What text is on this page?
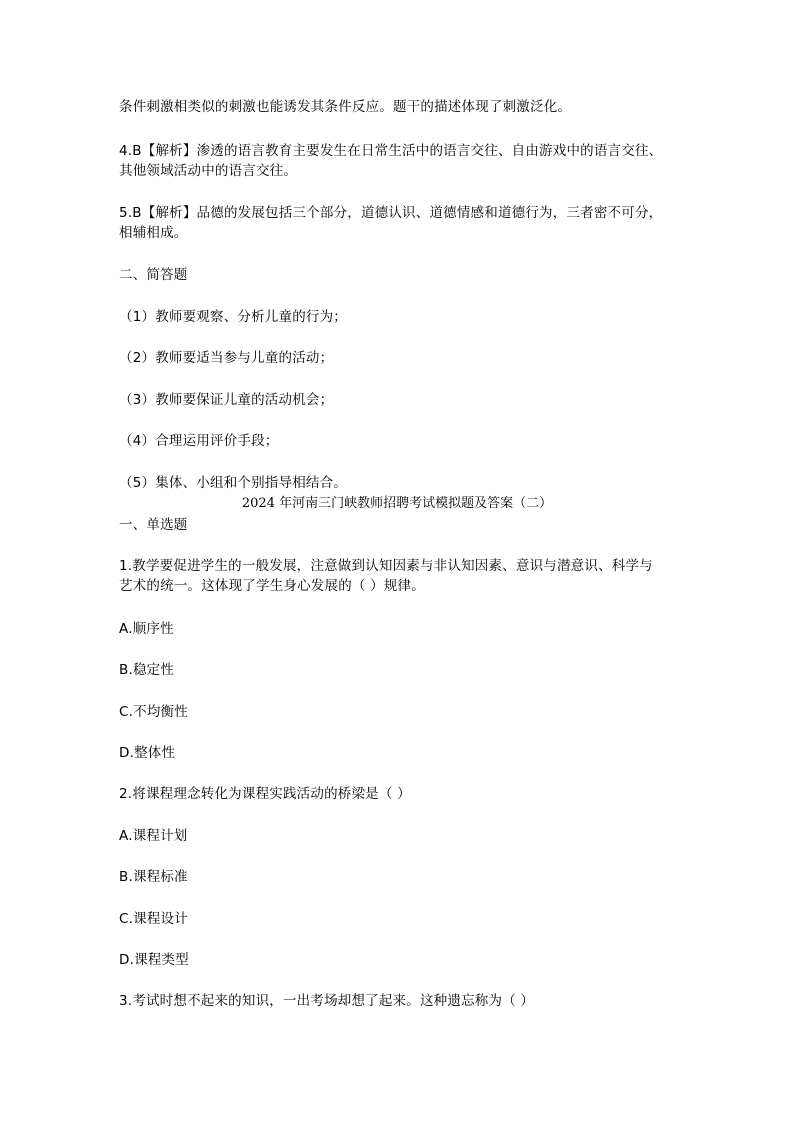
条件刺激相类似的刺激也能诱发其条件反应。题干的描述体现了刺激泛化。
4.B【解析】渗透的语言教育主要发生在日常生活中的语言交往、自由游戏中的语言交往、
其他领域活动中的语言交往。
5.B【解析】品德的发展包括三个部分，道德认识、道德情感和道德行为，三者密不可分，
相辅相成。
二、简答题
（1）教师要观察、分析儿童的行为；
（2）教师要适当参与儿童的活动；
（3）教师要保证儿童的活动机会；
（4）合理运用评价手段；
（5）集体、小组和个别指导相结合。
2024 年河南三门峡教师招聘考试模拟题及答案（二）
一、单选题
1.教学要促进学生的一般发展，注意做到认知因素与非认知因素、意识与潜意识、科学与
艺术的统一。这体现了学生身心发展的（ ）规律。
A.顺序性
B.稳定性
C.不均衡性
D.整体性
2.将课程理念转化为课程实践活动的桥梁是（ ）
A.课程计划
B.课程标准
C.课程设计
D.课程类型
3.考试时想不起来的知识，一出考场却想了起来。这种遗忘称为（ ）
